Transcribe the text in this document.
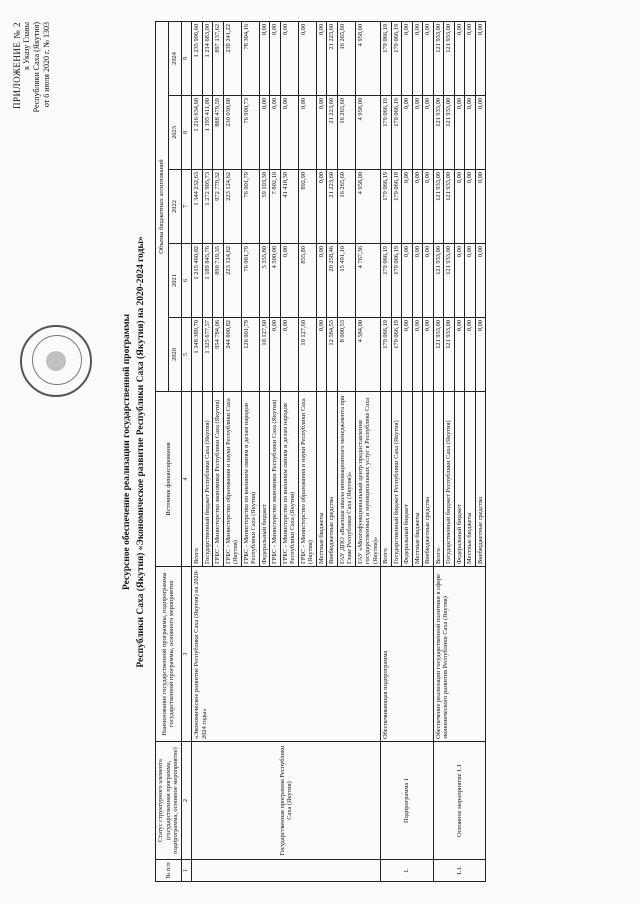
ПРИЛОЖЕНИЕ № 2 к Указу Главы Республики Саха (Якутия) от 6 июля 2020 г. № 1303
Ресурсное обеспечение реализации государственной программы Республики Саха (Якутия) «Экономическое развитие Республики Саха (Якутия) на 2020-2024 годы»
№ п/п	Статус структурного элемента (государственная программа, подпрограмма, основное мероприятие)	Наименование государственной программы, подпрограммы государственной программы, основного мероприятия	Источник финансирования	Объемы бюджетных ассигнований				
				2020	2021	2022	2023	2024
1	2	3	4	5	6	7	8	9
	Государственная программа Республики Саха (Якутия)	«Экономическое развитие Республики Саха (Якутия) на 2020-2024 годы»	Всего	1 348 389,70	1 215 460,02	1 344 232,63	1 216 634,60	1 235 906,60
			Государственный бюджет Республики Саха (Якутия)	1 325 677,57	1 189 845,76	1 272 905,73	1 195 411,00	1 214 683,00
			ГРБС - Министерство экономики Республики Саха (Якутия)	954 784,06	890 719,35	972 779,32	888 479,59	897 137,62
			ГРБС - Министерство образования и науки Республики Саха (Якутия)	244 800,82	223 124,62	223 124,62	230 030,68	239 241,22
			ГРБС - Министерство по внешним связям и делам народов Республики Саха (Якутия)	126 001,79	76 001,79	76 001,79	76 900,73	78 304,16
			Федеральный бюджет	10 127,60	5 355,80	59 103,30	0,00	0,00
			ГРБС - Министерство экономики Республики Саха (Якутия)	0,00	4 500,00	7 802,10	0,00	0,00
			ГРБС - Министерство по внешним связям и делам народов Республики Саха (Якутия)	0,00	0,00	41 418,30	0,00	0,00
			ГРБС - Министерство образования и науки Республики Саха (Якутия)	10 127,60	855,80	892,90	0,00	0,00
			Местные бюджеты	0,00	0,00	0,00	0,00	0,00
			Внебюджетные средства	12 584,53	20 258,46	21 223,60	21 223,60	21 223,60
			ГАУ ДПО «Высшая школа инновационного менеджмента при Главе Республики Саха (Якутия)»	8 000,53	15 491,10	16 265,60	16 265,60	16 265,60
			ГАУ «Многофункциональный центр предоставления государственных и муниципальных услуг в Республике Саха (Якутия)»	4 584,00	4 767,36	4 958,00	4 958,00	4 958,00
1.	Подпрограмма 1	Обеспечивающая подпрограмма	Всего	179 066,19	179 066,19	179 066,19	179 066,19	179 066,19
			Государственный бюджет Республики Саха (Якутия)	179 066,19	179 066,19	179 066,19	179 066,19	179 066,19
			Федеральный бюджет	0,00	0,00	0,00	0,00	0,00
			Местные бюджеты	0,00	0,00	0,00	0,00	0,00
			Внебюджетные средства	0,00	0,00	0,00	0,00	0,00
1.1.	Основное мероприятие 1.1	Обеспечение реализации государственной политики в сфере экономического развития Республики Саха (Якутия)	Всего	121 933,00	121 933,00	121 933,00	121 933,00	121 933,00
			Государственный бюджет Республики Саха (Якутия)	121 933,00	121 933,00	121 933,00	121 933,00	121 933,00
			Федеральный бюджет	0,00	0,00	0,00	0,00	0,00
			Местные бюджеты	0,00	0,00	0,00	0,00	0,00
			Внебюджетные средства	0,00	0,00	0,00	0,00	0,00
